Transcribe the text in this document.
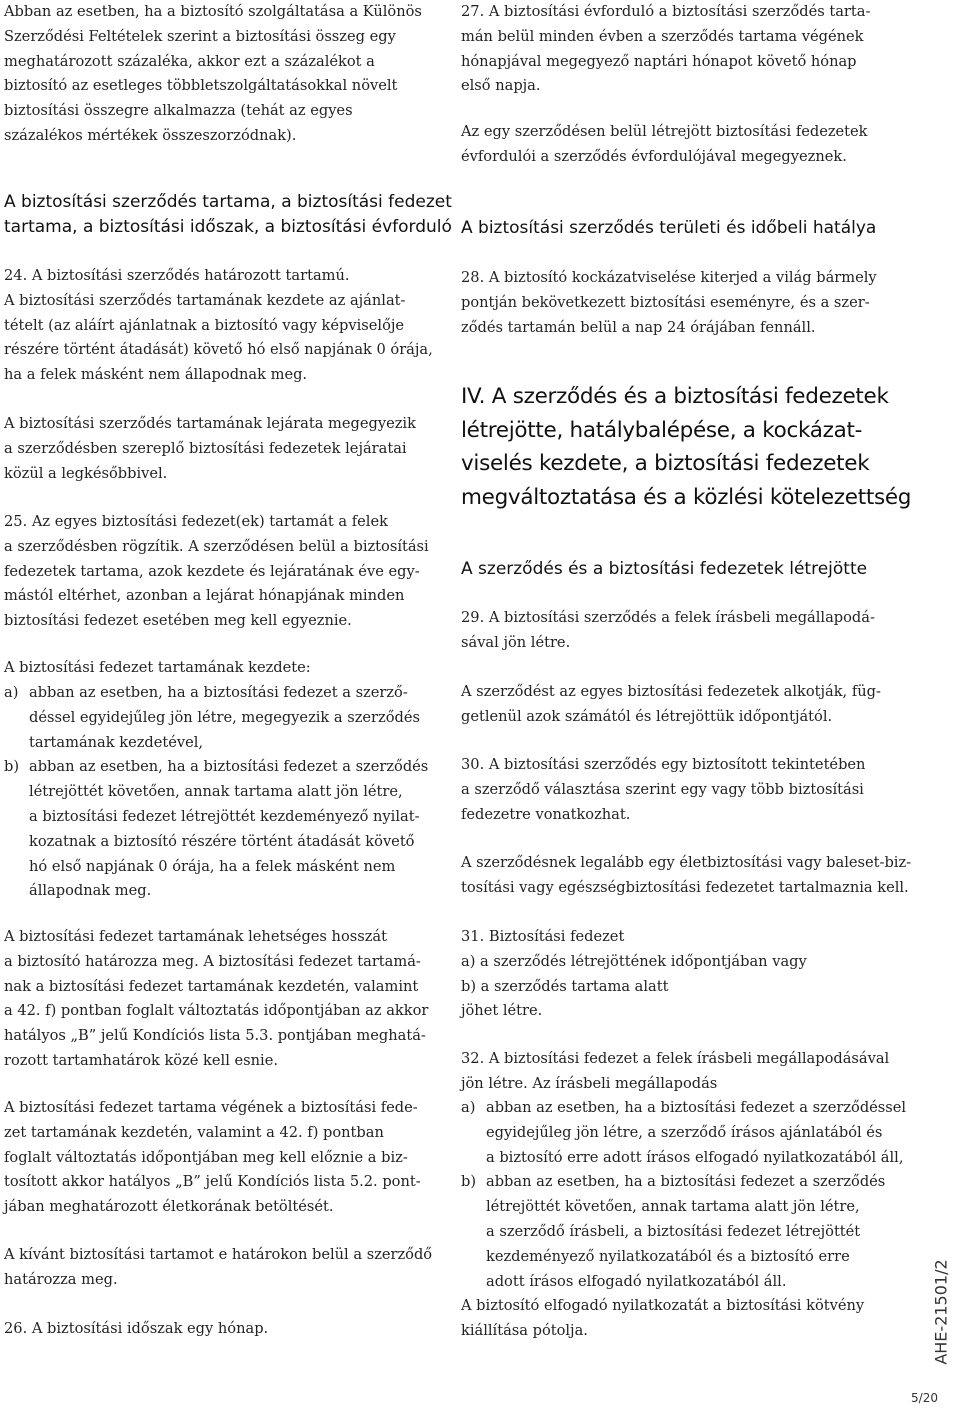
Abban az esetben, ha a biztosító szolgáltatása a Különös
Szerződési Feltételek szerint a biztosítási összeg egy
meghatározott százaléka, akkor ezt a százalékot a
biztosító az esetleges többletszolgáltatásokkal növelt
biztosítási összegre alkalmazza (tehát az egyes
százalékos mértékek összeszorzódnak).
A biztosítási szerződés tartama, a biztosítási fedezet
tartama, a biztosítási időszak, a biztosítási évforduló
24. A biztosítási szerződés határozott tartamú.
A biztosítási szerződés tartamának kezdete az ajánlat-
tételt (az aláírt ajánlatnak a biztosító vagy képviselője
részére történt átadását) követő hó első napjának 0 órája,
ha a felek másként nem állapodnak meg.
A biztosítási szerződés tartamának lejárata megegyezik
a szerződésben szereplő biztosítási fedezetek lejáratai
közül a legkésőbbivel.
25. Az egyes biztosítási fedezet(ek) tartamát a felek
a szerződésben rögzítik. A szerződésen belül a biztosítási
fedezetek tartama, azok kezdete és lejáratának éve egy-
mástól eltérhet, azonban a lejárat hónapjának minden
biztosítási fedezet esetében meg kell egyeznie.
A biztosítási fedezet tartamának kezdete:
a) abban az esetben, ha a biztosítási fedezet a szerző-
déssel egyidejűleg jön létre, megegyezik a szerződés
tartamának kezdetével,
b) abban az esetben, ha a biztosítási fedezet a szerződés
létrejöttét követően, annak tartama alatt jön létre,
a biztosítási fedezet létrejöttét kezdeményező nyilat-
kozatnak a biztosító részére történt átadását követő
hó első napjának 0 órája, ha a felek másként nem
állapodnak meg.
A biztosítási fedezet tartamának lehetséges hosszát
a biztosító határozza meg. A biztosítási fedezet tartamá-
nak a biztosítási fedezet tartamának kezdetén, valamint
a 42. f) pontban foglalt változtatás időpontjában az akkor
hatályos „B” jelű Kondíciós lista 5.3. pontjában meghatá-
rozott tartamhatárok közé kell esnie.
A biztosítási fedezet tartama végének a biztosítási fede-
zet tartamának kezdetén, valamint a 42. f) pontban
foglalt változtatás időpontjában meg kell előznie a biz-
tosított akkor hatályos „B” jelű Kondíciós lista 5.2. pont-
jában meghatározott életkorának betöltését.
A kívánt biztosítási tartamot e határokon belül a szerződő
határozza meg.
26. A biztosítási időszak egy hónap.
27. A biztosítási évforduló a biztosítási szerződés tarta-
mán belül minden évben a szerződés tartama végének
hónapjával megegyező naptári hónapot követő hónap
első napja.
Az egy szerződésen belül létrejött biztosítási fedezetek
évfordulói a szerződés évfordulójával megegyeznek.
A biztosítási szerződés területi és időbeli hatálya
28. A biztosító kockázatviselése kiterjed a világ bármely
pontján bekövetkezett biztosítási eseményre, és a szer-
ződés tartamán belül a nap 24 órájában fennáll.
IV. A szerződés és a biztosítási fedezetek
létrejötte, hatálybalépése, a kockázat-
viselés kezdete, a biztosítási fedezetek
megváltoztatása és a közlési kötelezettség
A szerződés és a biztosítási fedezetek létrejötte
29. A biztosítási szerződés a felek írásbeli megállapodá-
sával jön létre.
A szerződést az egyes biztosítási fedezetek alkotják, füg-
getlenül azok számától és létrejöttük időpontjától.
30. A biztosítási szerződés egy biztosított tekintetében
a szerződő választása szerint egy vagy több biztosítási
fedezetre vonatkozhat.
A szerződésnek legalább egy életbiztosítási vagy baleset-biz-
tosítási vagy egészségbiztosítási fedezetet tartalmaznia kell.
31. Biztosítási fedezet
a) a szerződés létrejöttének időpontjában vagy
b) a szerződés tartama alatt
jöhet létre.
32. A biztosítási fedezet a felek írásbeli megállapodásával
jön létre. Az írásbeli megállapodás
a) abban az esetben, ha a biztosítási fedezet a szerződéssel
egyidejűleg jön létre, a szerződő írásos ajánlatából és
a biztosító erre adott írásos elfogadó nyilatkozatából áll,
b) abban az esetben, ha a biztosítási fedezet a szerződés
létrejöttét követően, annak tartama alatt jön létre,
a szerződő írásbeli, a biztosítási fedezet létrejöttét
kezdeményező nyilatkozatából és a biztosító erre
adott írásos elfogadó nyilatkozatából áll.
A biztosító elfogadó nyilatkozatát a biztosítási kötvény
kiállítása pótolja.	AHE-21501/2
5/20
